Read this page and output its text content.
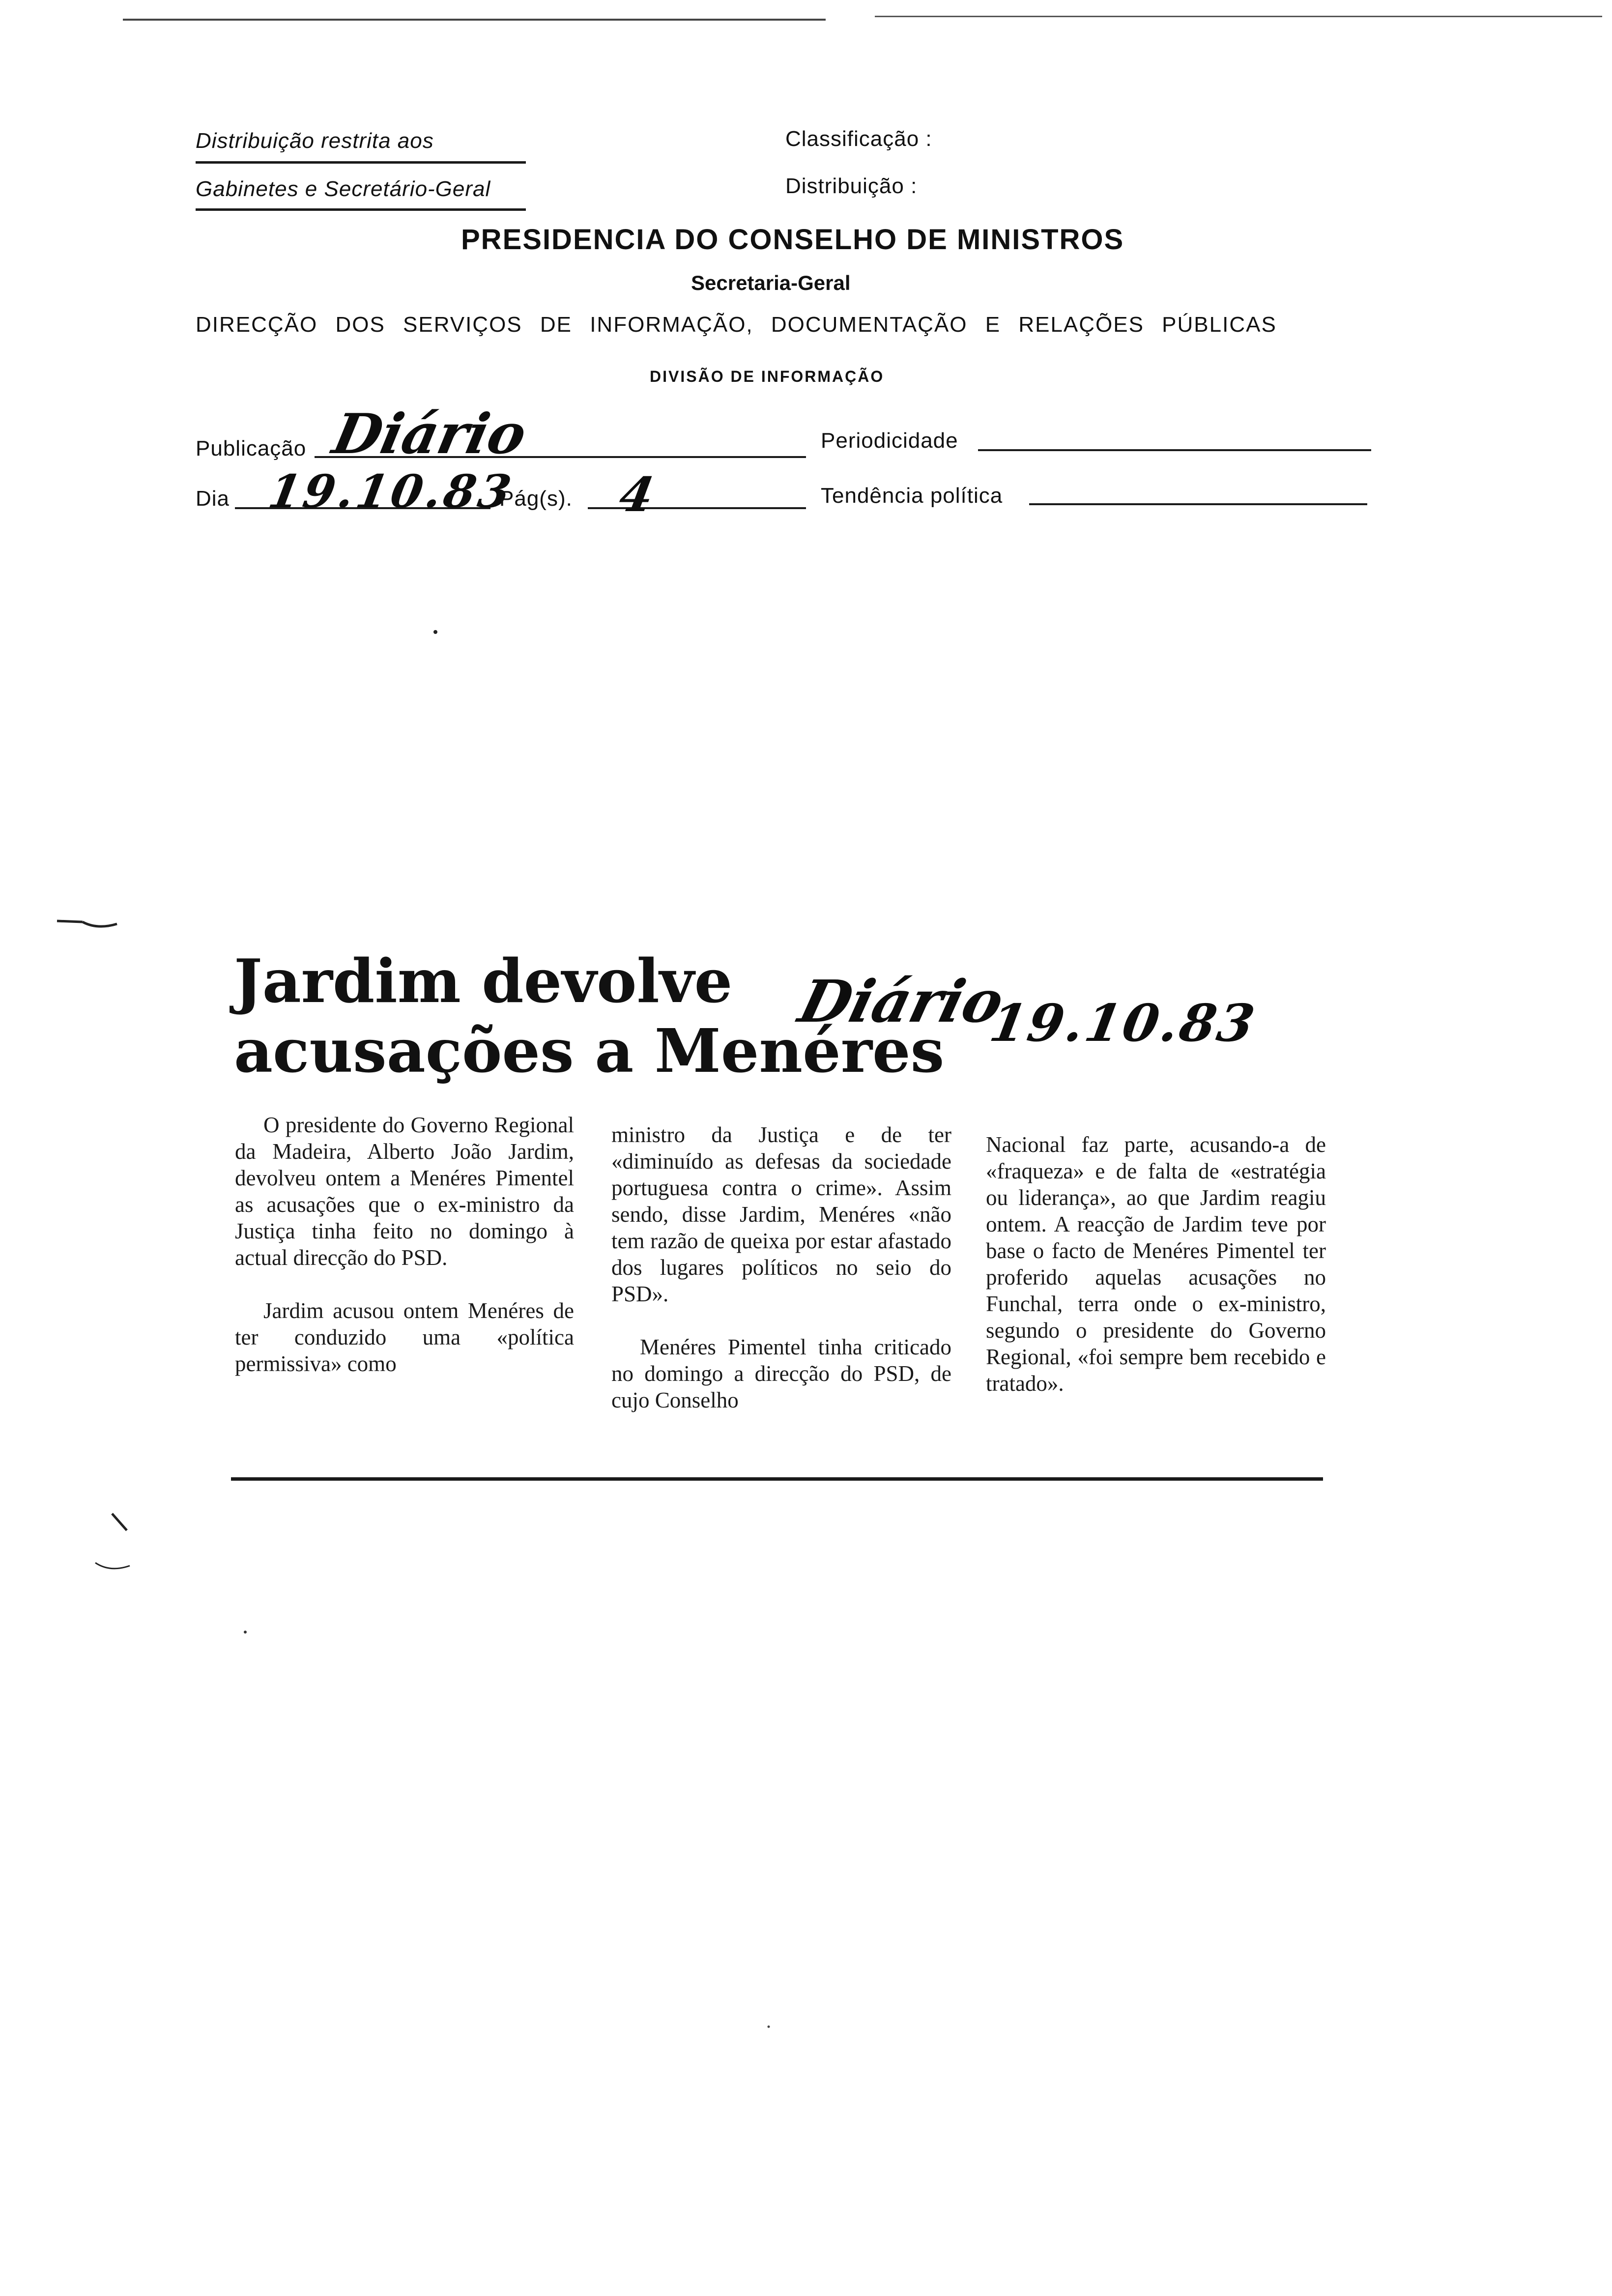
Distribuição restrita aos
Gabinetes e Secretário-Geral
Classificação :
Distribuição :
PRESIDENCIA DO CONSELHO DE MINISTROS
Secretaria-Geral
DIRECÇÃO DOS SERVIÇOS DE INFORMAÇÃO, DOCUMENTAÇÃO E RELAÇÕES PÚBLICAS
DIVISÃO DE INFORMAÇÃO
Publicação Diário	Periodicidade
Dia 19.10.83
Pág(s). 4	Tendência política
Jardim devolve
acusações a Menéres
Diário
19.10.83

O presidente do Governo Regional da Madeira, Alberto João Jardim, devolveu ontem a Menéres Pimentel as acusações que o ex-ministro da Justiça tinha feito no domingo à actual direcção do PSD.

Jardim acusou ontem Menéres de ter conduzido uma «política permissiva» como

ministro da Justiça e de ter «diminuído as defesas da sociedade portuguesa contra o crime». Assim sendo, disse Jardim, Menéres «não tem razão de queixa por estar afastado dos lugares políticos no seio do PSD».

Menéres Pimentel tinha criticado no domingo a direcção do PSD, de cujo Conselho

Nacional faz parte, acusando-a de «fraqueza» e de falta de «estratégia ou liderança», ao que Jardim reagiu ontem. A reacção de Jardim teve por base o facto de Menéres Pimentel ter proferido aquelas acusações no Funchal, terra onde o ex-ministro, segundo o presidente do Governo Regional, «foi sempre bem recebido e tratado».
